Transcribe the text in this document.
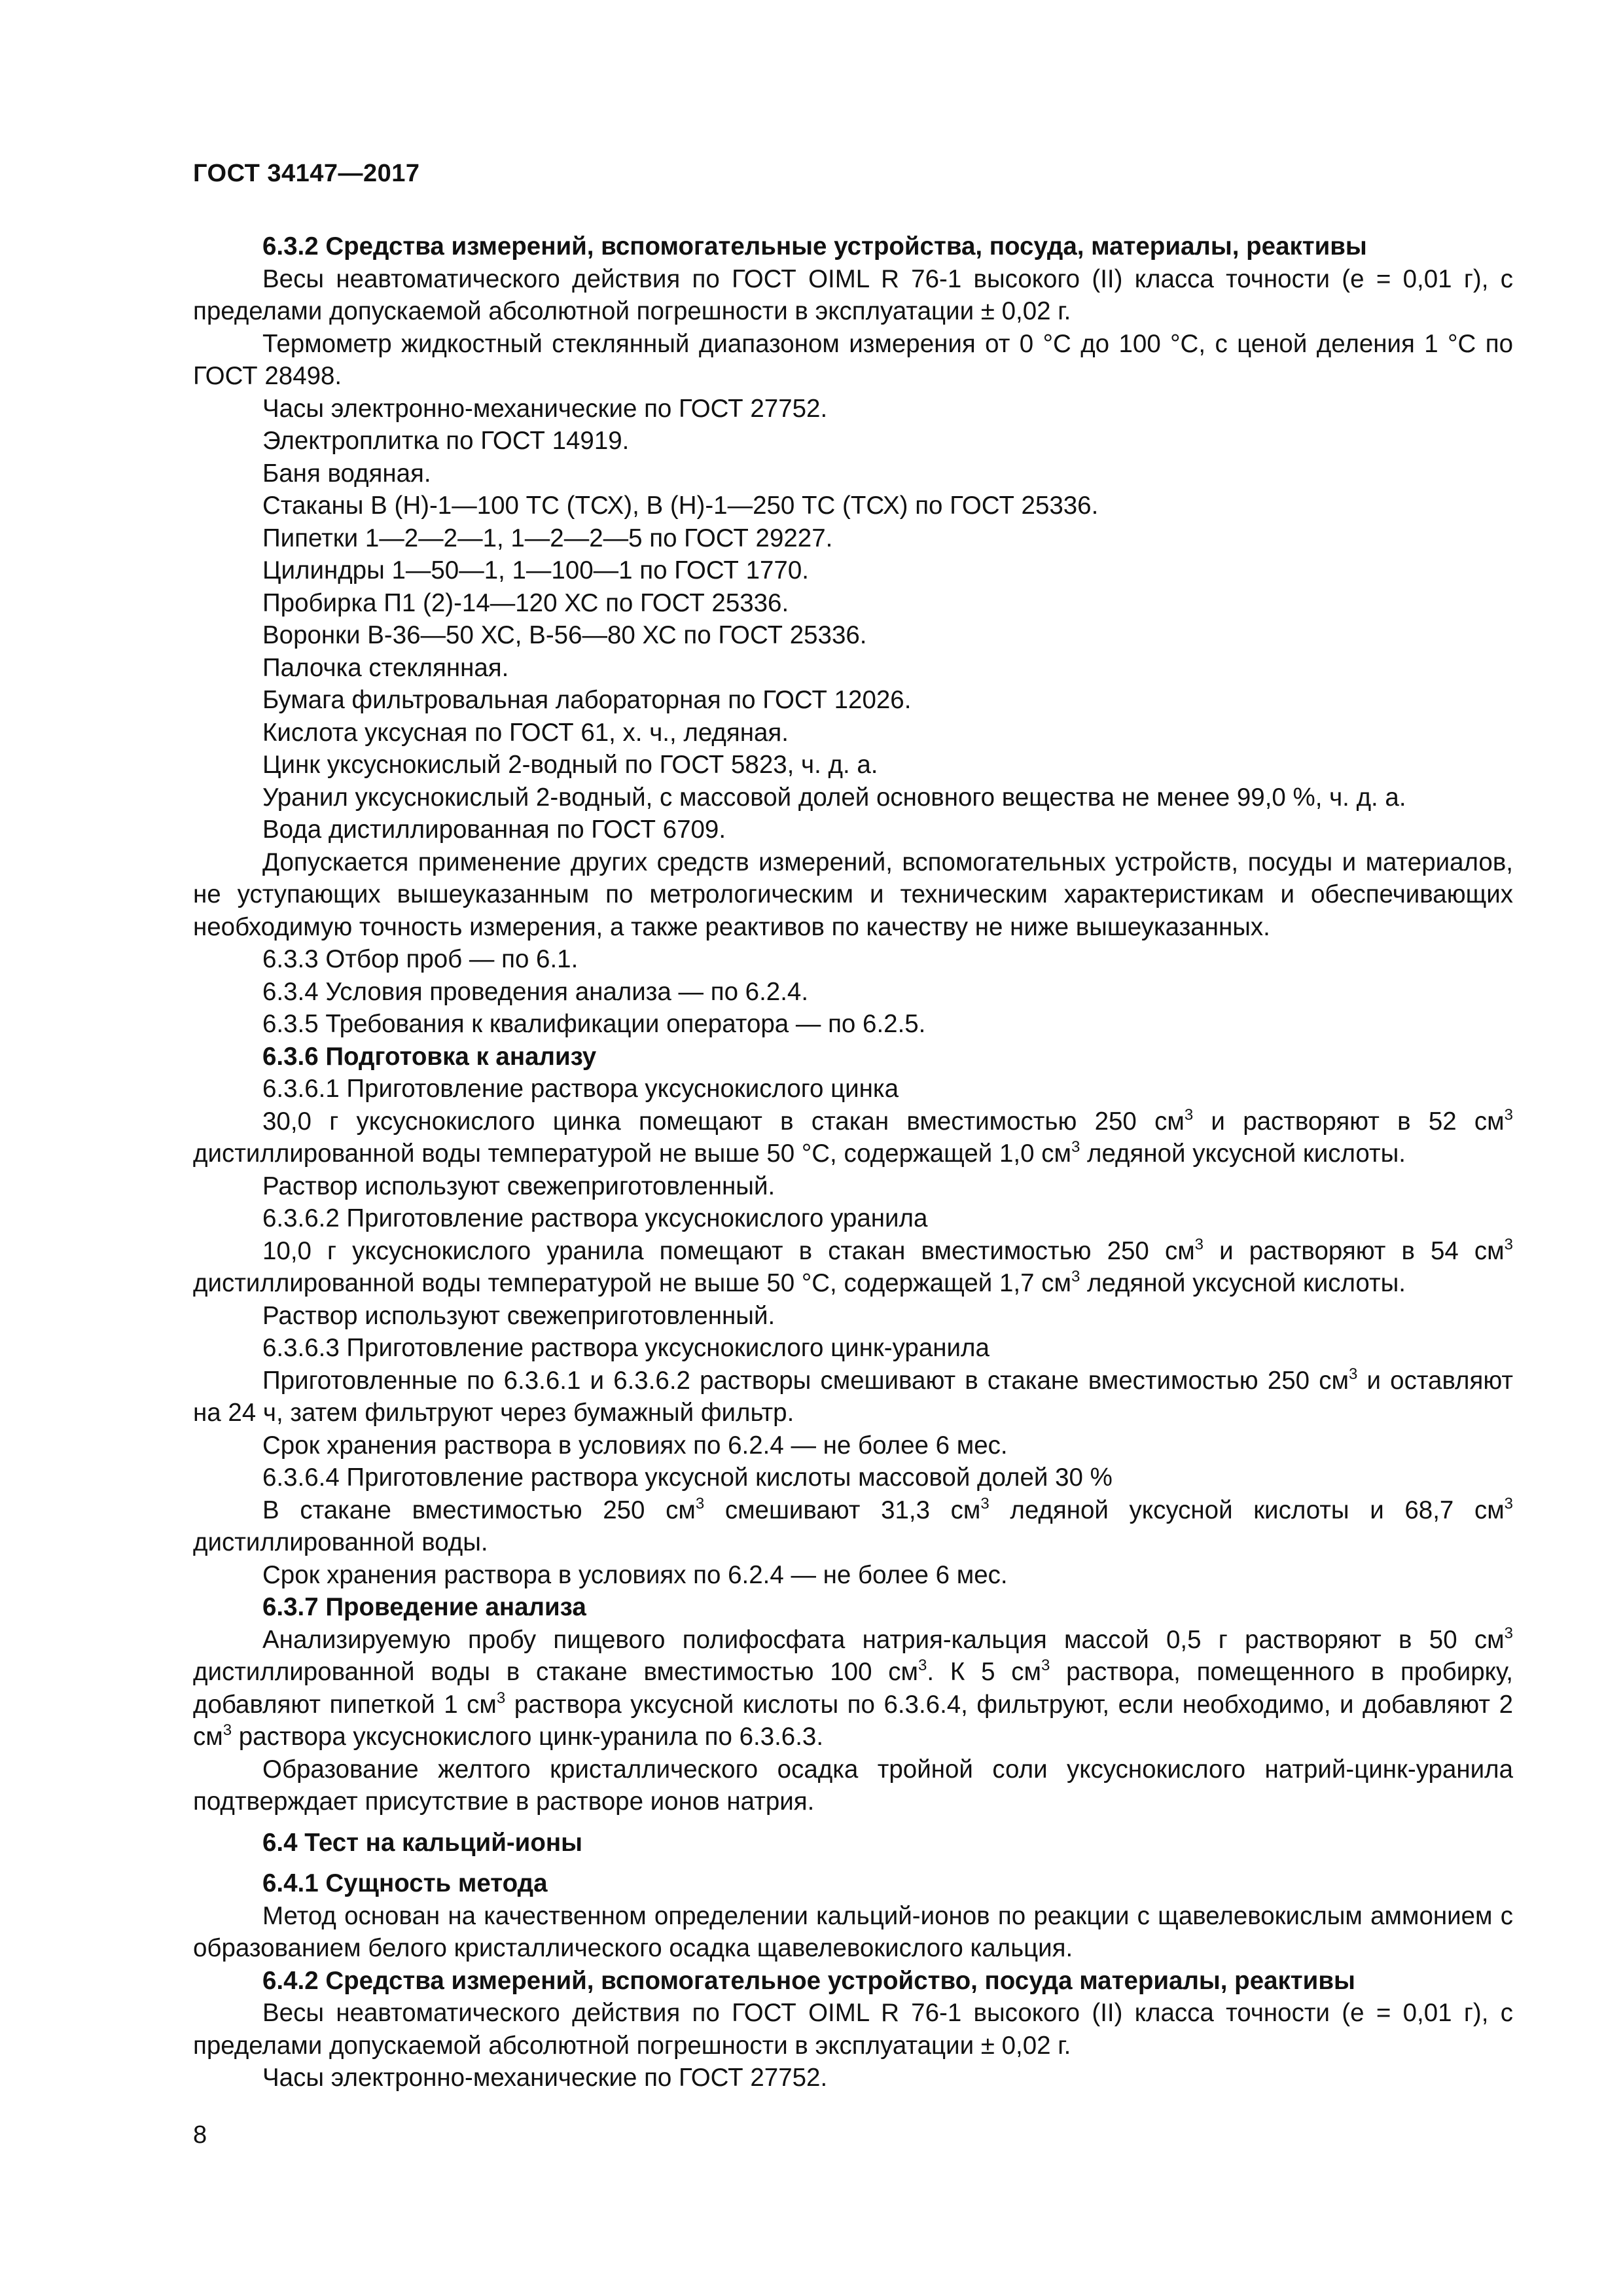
ГОСТ 34147—2017

6.3.2 Средства измерений, вспомогательные устройства, посуда, материалы, реактивы

Весы неавтоматического действия по ГОСТ OIML R 76-1 высокого (II) класса точности (е = 0,01 г), с пределами допускаемой абсолютной погрешности в эксплуатации ± 0,02 г.

Термометр жидкостный стеклянный диапазоном измерения от 0 °С до 100 °С, с ценой деления 1 °С по ГОСТ 28498.

Часы электронно-механические по ГОСТ 27752.

Электроплитка по ГОСТ 14919.

Баня водяная.

Стаканы В (Н)-1—100 ТС (ТСХ), В (Н)-1—250 ТС (ТСХ) по ГОСТ 25336.

Пипетки 1—2—2—1, 1—2—2—5 по ГОСТ 29227.

Цилиндры 1—50—1, 1—100—1 по ГОСТ 1770.

Пробирка П1 (2)-14—120 ХС по ГОСТ 25336.

Воронки В-36—50 ХС, В-56—80 ХС по ГОСТ 25336.

Палочка стеклянная.

Бумага фильтровальная лабораторная по ГОСТ 12026.

Кислота уксусная по ГОСТ 61, х. ч., ледяная.

Цинк уксуснокислый 2-водный по ГОСТ 5823, ч. д. а.

Уранил уксуснокислый 2-водный, с массовой долей основного вещества не менее 99,0 %, ч. д. а.

Вода дистиллированная по ГОСТ 6709.

Допускается применение других средств измерений, вспомогательных устройств, посуды и материалов, не уступающих вышеуказанным по метрологическим и техническим характеристикам и обеспечивающих необходимую точность измерения, а также реактивов по качеству не ниже вышеуказанных.

6.3.3 Отбор проб — по 6.1.

6.3.4 Условия проведения анализа — по 6.2.4.

6.3.5 Требования к квалификации оператора — по 6.2.5.

6.3.6 Подготовка к анализу

6.3.6.1 Приготовление раствора уксуснокислого цинка

30,0 г уксуснокислого цинка помещают в стакан вместимостью 250 $см^3$ и растворяют в 52 $см^3$ дистиллированной воды температурой не выше 50 °С, содержащей 1,0 $см^3$ ледяной уксусной кислоты.

Раствор используют свежеприготовленный.

6.3.6.2 Приготовление раствора уксуснокислого уранила

10,0 г уксуснокислого уранила помещают в стакан вместимостью 250 $см^3$ и растворяют в 54 $см^3$ дистиллированной воды температурой не выше 50 °С, содержащей 1,7 $см^3$ ледяной уксусной кислоты.

Раствор используют свежеприготовленный.

6.3.6.3 Приготовление раствора уксуснокислого цинк-уранила

Приготовленные по 6.3.6.1 и 6.3.6.2 растворы смешивают в стакане вместимостью 250 $см^3$ и оставляют на 24 ч, затем фильтруют через бумажный фильтр.

Срок хранения раствора в условиях по 6.2.4 — не более 6 мес.

6.3.6.4 Приготовление раствора уксусной кислоты массовой долей 30 %

В стакане вместимостью 250 $см^3$ смешивают 31,3 $см^3$ ледяной уксусной кислоты и 68,7 $см^3$ дистиллированной воды.

Срок хранения раствора в условиях по 6.2.4 — не более 6 мес.

6.3.7 Проведение анализа

Анализируемую пробу пищевого полифосфата натрия-кальция массой 0,5 г растворяют в 50 $см^3$ дистиллированной воды в стакане вместимостью 100 $см^3$. К 5 $см^3$ раствора, помещенного в пробирку, добавляют пипеткой 1 $см^3$ раствора уксусной кислоты по 6.3.6.4, фильтруют, если необходимо, и добавляют 2 $см^3$ раствора уксуснокислого цинк-уранила по 6.3.6.3.

Образование желтого кристаллического осадка тройной соли уксуснокислого натрий-цинк-уранила подтверждает присутствие в растворе ионов натрия.

6.4 Тест на кальций-ионы

6.4.1 Сущность метода

Метод основан на качественном определении кальций-ионов по реакции с щавелевокислым аммонием с образованием белого кристаллического осадка щавелевокислого кальция.

6.4.2 Средства измерений, вспомогательное устройство, посуда материалы, реактивы

Весы неавтоматического действия по ГОСТ OIML R 76-1 высокого (II) класса точности (е = 0,01 г), с пределами допускаемой абсолютной погрешности в эксплуатации ± 0,02 г.

Часы электронно-механические по ГОСТ 27752.

8
